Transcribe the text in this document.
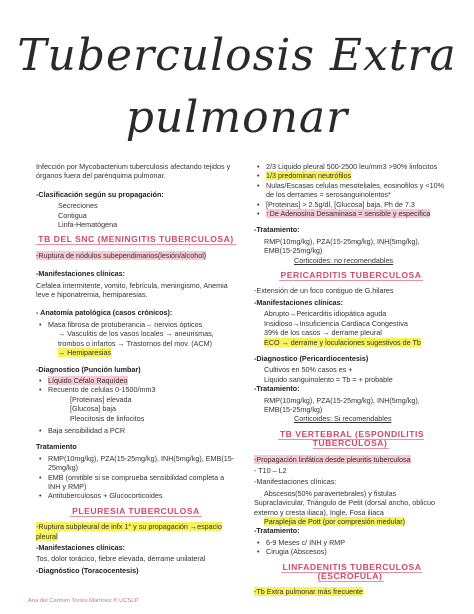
Tuberculosis Extra
pulmonar

Infección por Mycobacterium tuberculosis afectando tejidos y órganos fuera del parénquima pulmonar.

-Clasificación según su propagación:

Secreciones
Contigua
Linfa-Hematógena
TB DEL SNC (MENINGITIS TUBERCULOSA)

-Ruptura de nódulos subependimarios(lesión/alcohol)

-Manifestaciones clínicas:

Cefalea intermitente, vomito, febrícula, meningismo, Anemia leve e hiponatremia, hemiparesias.

- Anatomía patológica (casos crónicos):

• Masa fibrosa de protuberancia→ nervios ópticos
→ Vasculitis de los vasos locales → aneurismas, trombos o infartos → Trastornos del mov. (ACM)
→ Hemiparesias

-Diagnostico (Punción lumbar)

• Líquido Céfalo Raquídeo
• Recuento de celulas 0-1500/mm3
[Proteinas] elevada
[Glucosa] baja
Pleocitosis de linfocitos
• Baja sensibilidad a PCR

Tratamiento

• RMP(10mg/kg), PZA(15-25mg/kg), INH(5mg/kg), EMB(15-25mg/kg)
• EMB (omitible si se comprueba sensibilidad completa a INH y RMP)
• Antituberculosos + Glucocorticoides
PLEURESIA TUBERCULOSA

-Ruptura subpleural de infx 1° y su propagación →espacio pleural

-Manifestaciones clínicas:

Tos, dolor torácico, fiebre elevada, derrame unilateral

-Diagnóstico (Toracocentesis)

• 2/3 Liquido pleural 500-2500 leu/mm3 >90% linfocitos
• 1/3 predominan neutrófilos
• Nulas/Escasas celulas mesoteliales, eosinofilos y <10% de los derrames = serosanguinolentos*
• [Proteinas] > 2.5g/dl, [Glucosa] baja, Ph de 7.3
• ↑De Adenosina Desaminasa = sensible y especifica

-Tratamiento:

RMP(10mg/kg), PZA(15-25mg/kg), INH(5mg/kg), EMB(15-25mg/kg)
Corticoides: no recomendables
PERICARDITIS TUBERCULOSA

-Extensión de un foco contiguo de G.hilares

-Manifestaciones clínicas:

Abrupto→Pericarditis idiopática aguda
Insidioso→Insuficiencia Cardiaca Congestiva
39% de los casos → derrame pleural
ECO → derrame y loculaciones sugestivos de Tb

-Diagnostico (Pericardiocentesis)

Cultivos en 50% casos es +
Liquido sanguinolento = Tb = + probable

-Tratamiento:

RMP(10mg/kg), PZA(15-25mg/kg), INH(5mg/kg), EMB(15-25mg/kg)
Corticoides: Si recomendables
TB VERTEBRAL (ESPONDILITIS TUBERCULOSA)

-Propagación linfática desde pleuritis tuberculosa

- T10 – L2

-Manifestaciones clínicas:

Abscesos(50% paravertebrales) y fistulas
Supraclavicular, Triángulo de Petit (dorsal ancho, oblicuo externo y cresta iliaca), Ingle, Fosa iliaca
Paraplejia de Pott (por compresión medular)

-Tratamiento:

• 6-9 Meses c/ INH y RMP
• Cirugia (Abscesos)
LINFADENITIS TUBERCULOSA (ESCROFULA)

-Tb Extra pulmonar más frecuente

Ana del Carmen Torres Martínez ® UCSLP
